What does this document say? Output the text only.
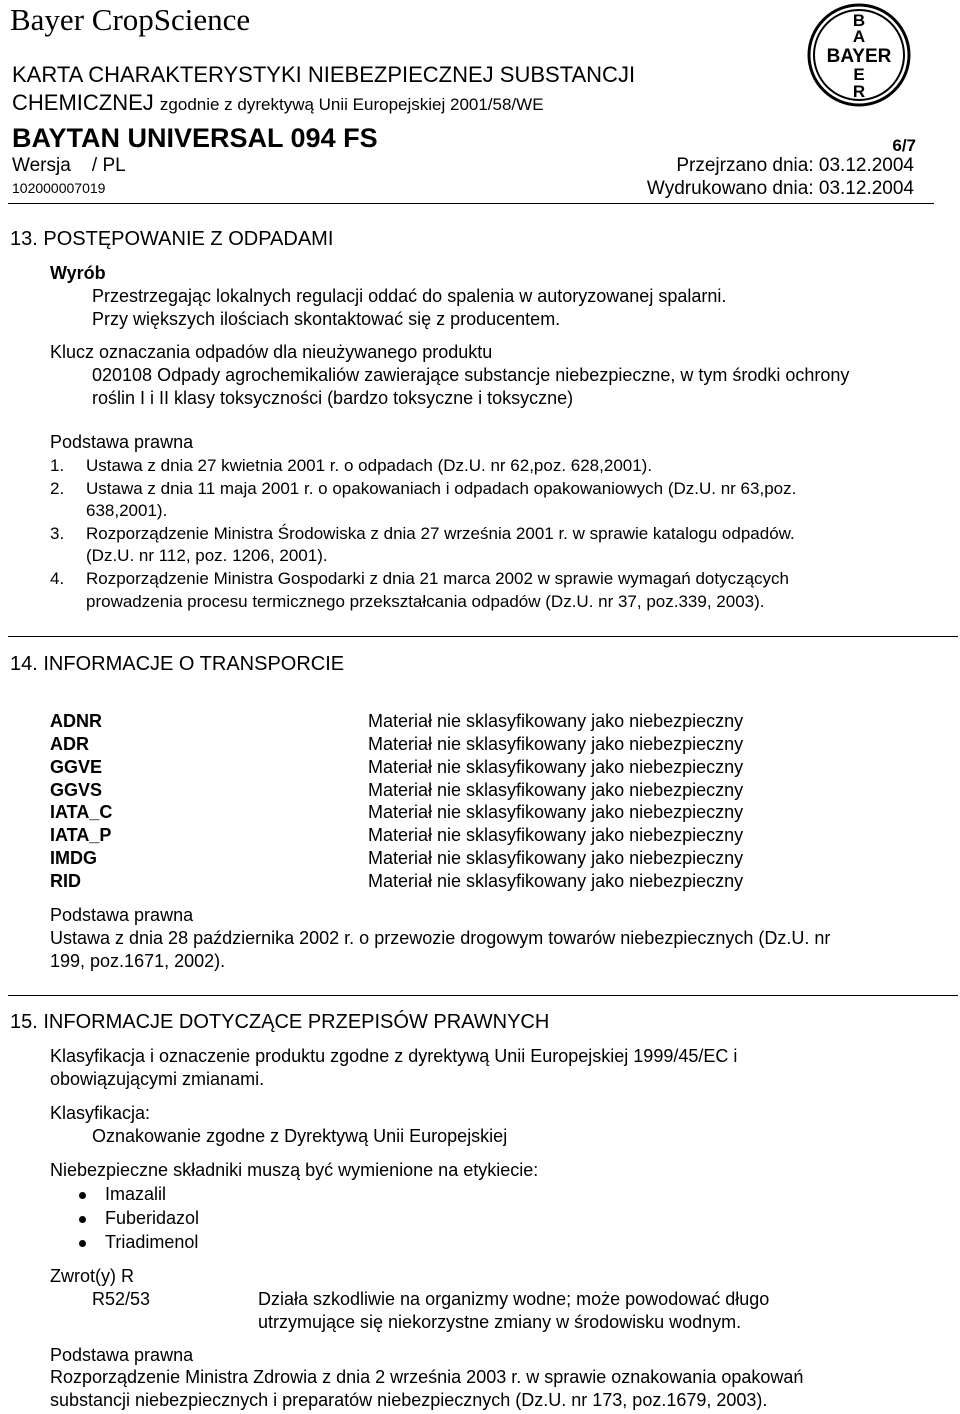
Bayer CropScience
KARTA CHARAKTERYSTYKI NIEBEZPIECZNEJ SUBSTANCJI
CHEMICZNEJ zgodnie z dyrektywą Unii Europejskiej 2001/58/WE
B
A
BAYER
E
R
BAYTAN UNIVERSAL 094 FS	6/7
Wersja / PL	Przejrzano dnia: 03.12.2004
102000007019	Wydrukowano dnia: 03.12.2004
13. POSTĘPOWANIE Z ODPADAMI
Wyrób
Przestrzegając lokalnych regulacji oddać do spalenia w autoryzowanej spalarni.
Przy większych ilościach skontaktować się z producentem.
Klucz oznaczania odpadów dla nieużywanego produktu
020108 Odpady agrochemikaliów zawierające substancje niebezpieczne, w tym środki ochrony
roślin I i II klasy toksyczności (bardzo toksyczne i toksyczne)
Podstawa prawna
1. Ustawa z dnia 27 kwietnia 2001 r. o odpadach (Dz.U. nr 62,poz. 628,2001).
2. Ustawa z dnia 11 maja 2001 r. o opakowaniach i odpadach opakowaniowych (Dz.U. nr 63,poz.
638,2001).
3. Rozporządzenie Ministra Środowiska z dnia 27 września 2001 r. w sprawie katalogu odpadów.
(Dz.U. nr 112, poz. 1206, 2001).
4. Rozporządzenie Ministra Gospodarki z dnia 21 marca 2002 w sprawie wymagań dotyczących
prowadzenia procesu termicznego przekształcania odpadów (Dz.U. nr 37, poz.339, 2003).
14. INFORMACJE O TRANSPORCIE
ADNR	Materiał nie sklasyfikowany jako niebezpieczny
ADR	Materiał nie sklasyfikowany jako niebezpieczny
GGVE	Materiał nie sklasyfikowany jako niebezpieczny
GGVS	Materiał nie sklasyfikowany jako niebezpieczny
IATA_C	Materiał nie sklasyfikowany jako niebezpieczny
IATA_P	Materiał nie sklasyfikowany jako niebezpieczny
IMDG	Materiał nie sklasyfikowany jako niebezpieczny
RID	Materiał nie sklasyfikowany jako niebezpieczny
Podstawa prawna
Ustawa z dnia 28 października 2002 r. o przewozie drogowym towarów niebezpiecznych (Dz.U. nr
199, poz.1671, 2002).
15. INFORMACJE DOTYCZĄCE PRZEPISÓW PRAWNYCH
Klasyfikacja i oznaczenie produktu zgodne z dyrektywą Unii Europejskiej 1999/45/EC i
obowiązującymi zmianami.
Klasyfikacja:
Oznakowanie zgodne z Dyrektywą Unii Europejskiej
Niebezpieczne składniki muszą być wymienione na etykiecie:
Imazalil
Fuberidazol
Triadimenol
Zwrot(y) R
R52/53	Działa szkodliwie na organizmy wodne; może powodować długo
utrzymujące się niekorzystne zmiany w środowisku wodnym.
Podstawa prawna
Rozporządzenie Ministra Zdrowia z dnia 2 września 2003 r. w sprawie oznakowania opakowań
substancji niebezpiecznych i preparatów niebezpiecznych (Dz.U. nr 173, poz.1679, 2003).
